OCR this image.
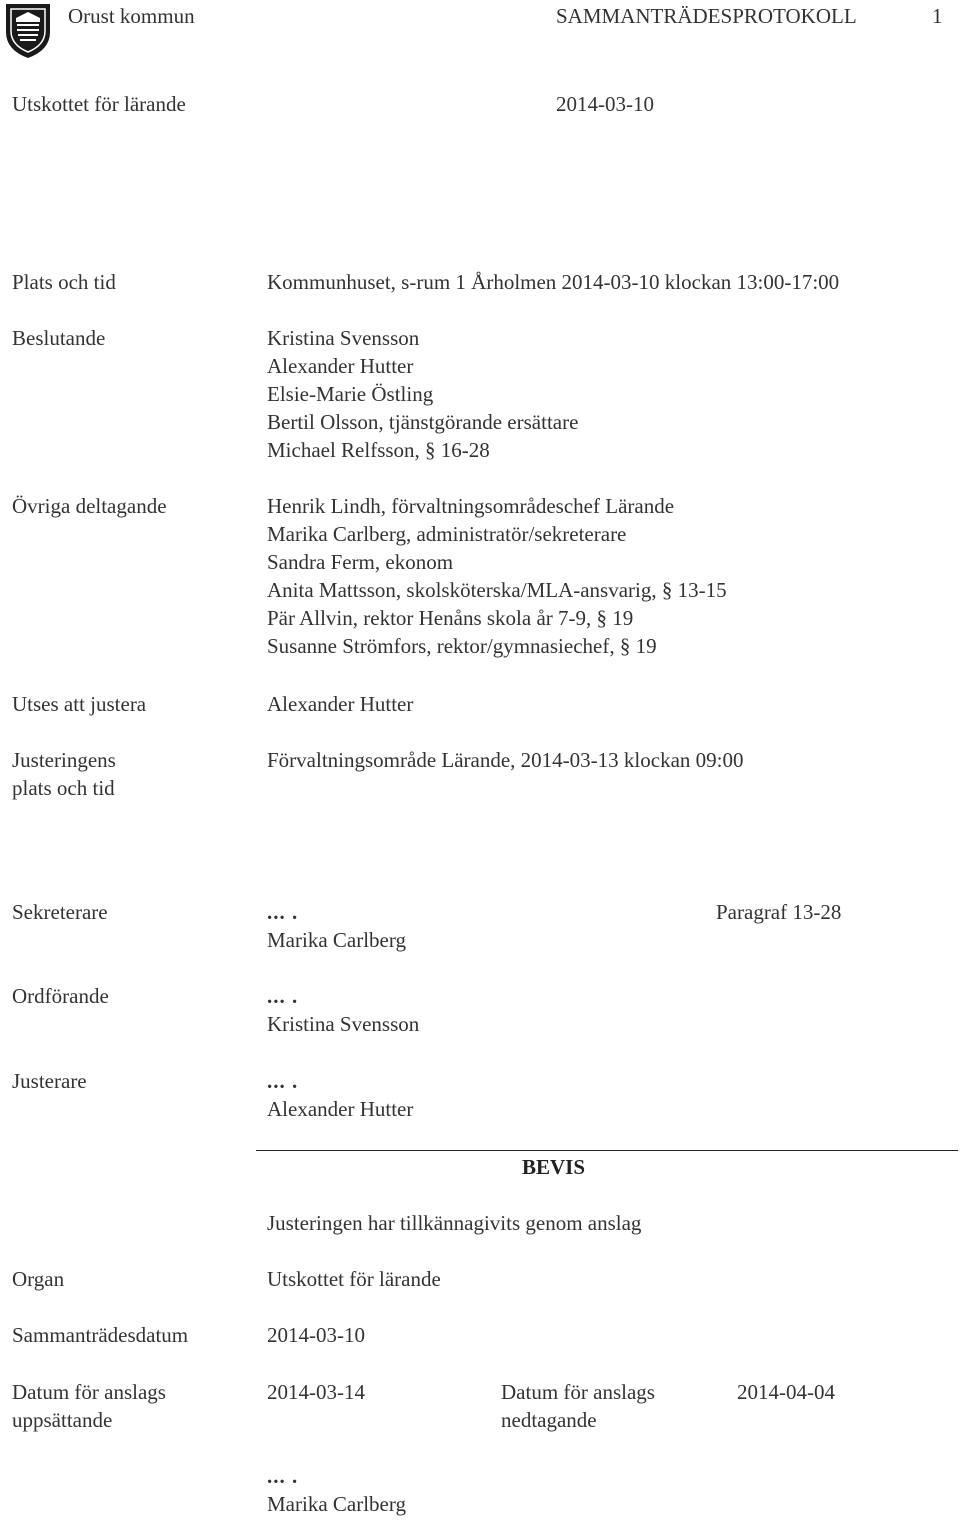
Orust kommun	SAMMANTRÄDESPROTOKOLL	1
Utskottet för lärande	2014-03-10
Plats och tid	Kommunhuset, s-rum 1 Årholmen 2014-03-10 klockan 13:00-17:00
Beslutande	Kristina Svensson
Alexander Hutter
Elsie-Marie Östling
Bertil Olsson, tjänstgörande ersättare
Michael Relfsson, § 16-28
Övriga deltagande	Henrik Lindh, förvaltningsområdeschef Lärande
Marika Carlberg, administratör/sekreterare
Sandra Ferm, ekonom
Anita Mattsson, skolsköterska/MLA-ansvarig, § 13-15
Pär Allvin, rektor Henåns skola år 7-9, § 19
Susanne Strömfors, rektor/gymnasiechef, § 19
Utses att justera	Alexander Hutter
Justeringens
plats och tid
Förvaltningsområde Lärande, 2014-03-13 klockan 09:00
Sekreterare	... .	Paragraf 13-28
Marika Carlberg
Ordförande	... .
Kristina Svensson
Justerare	... .
Alexander Hutter
BEVIS
Justeringen har tillkännagivits genom anslag
Organ	Utskottet för lärande
Sammanträdesdatum	2014-03-10
Datum för anslags
uppsättande
2014-03-14	Datum för anslags
nedtagande
2014-04-04
... .
Marika Carlberg
